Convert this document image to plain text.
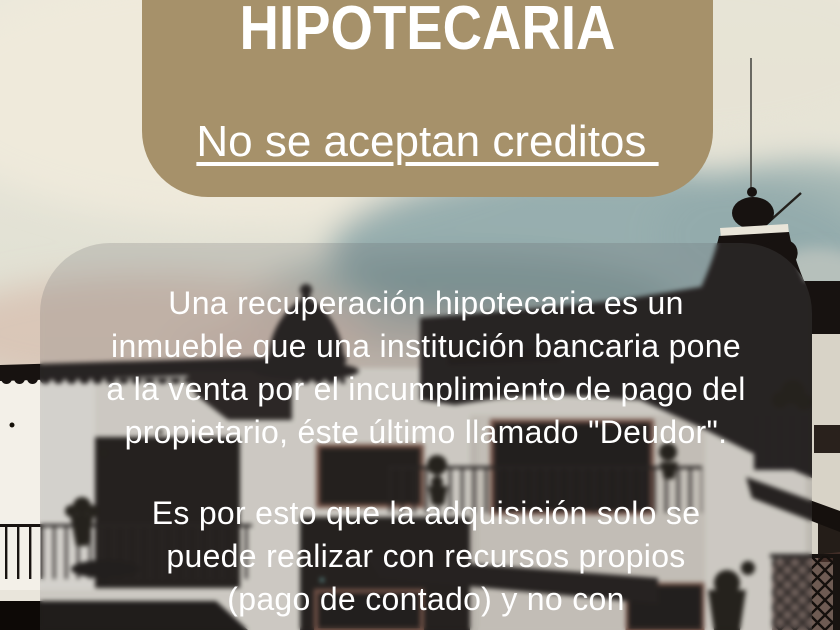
HIPOTECARIA

No se aceptan creditos
Una recuperación hipotecaria es un
inmueble que una institución bancaria pone
a la venta por el incumplimiento de pago del
propietario, éste último llamado "Deudor".
Es por esto que la adquisición solo se
puede realizar con recursos propios
(pago de contado) y no con
